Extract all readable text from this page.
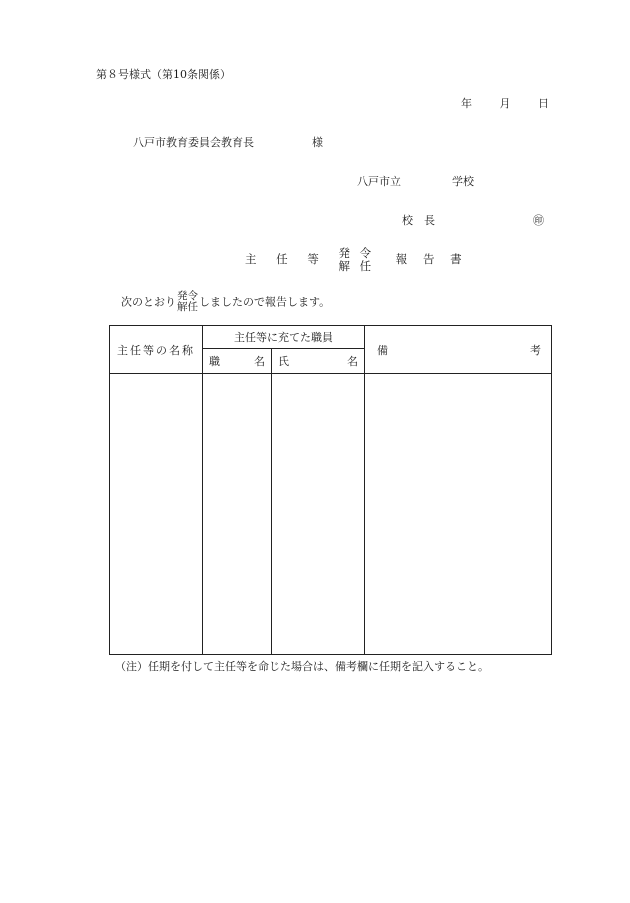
第８号様式（第10条関係）
年	月	日
八戸市教育委員会教育長	様
八戸市立	学校
校　長	㊞
主 任 等 発 令
解 任 報 告 書
次のとおり 発令
解任 しましたので報告します。
主任等の名称	主任等に充てた職員		備 考

	職 名	氏 名	

（注）任期を付して主任等を命じた場合は、備考欄に任期を記入すること。
